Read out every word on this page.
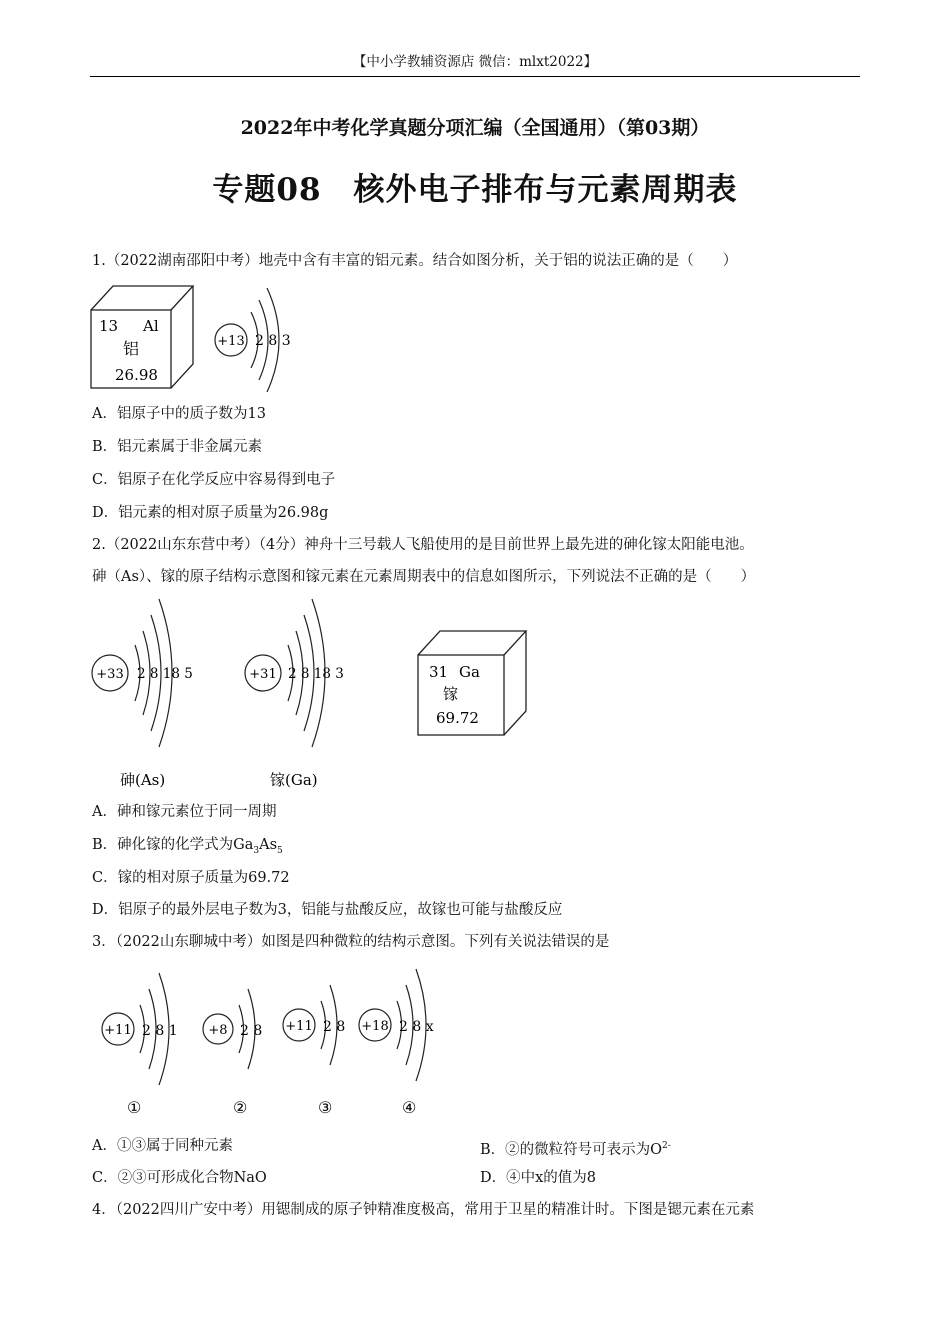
【中小学教辅资源店 微信：mlxt2022】
2022年中考化学真题分项汇编（全国通用）（第03期）
专题08　核外电子排布与元素周期表
1.（2022湖南邵阳中考）地壳中含有丰富的铝元素。结合如图分析，关于铝的说法正确的是（　　）
13 Al
铝
26.98
+13 2 8 3
A．铝原子中的质子数为13
B．铝元素属于非金属元素
C．铝原子在化学反应中容易得到电子
D．铝元素的相对原子质量为26.98g
2.（2022山东东营中考）（4分）神舟十三号载人飞船使用的是目前世界上最先进的砷化镓太阳能电池。
砷（As）、镓的原子结构示意图和镓元素在元素周期表中的信息如图所示，下列说法不正确的是（　　）
+33 2 8 18 5
砷(As)
+31 2 8 18 3
镓(Ga)
31 Ga
镓
69.72
A．砷和镓元素位于同一周期
B．砷化镓的化学式为$Ga_3As_5$
C．镓的相对原子质量为69.72
D．铝原子的最外层电子数为3，铝能与盐酸反应，故镓也可能与盐酸反应
3．（2022山东聊城中考）如图是四种微粒的结构示意图。下列有关说法错误的是
+11 2 8 1
①
+8 2 8
②
+11 2 8
③
+18 2 8 x
④
A．①③属于同种元素	B．②的微粒符号可表示为$O^{2-}$
C．②③可形成化合物NaO	D．④中x的值为8
4．（2022四川广安中考）用锶制成的原子钟精准度极高，常用于卫星的精准计时。下图是锶元素在元素
